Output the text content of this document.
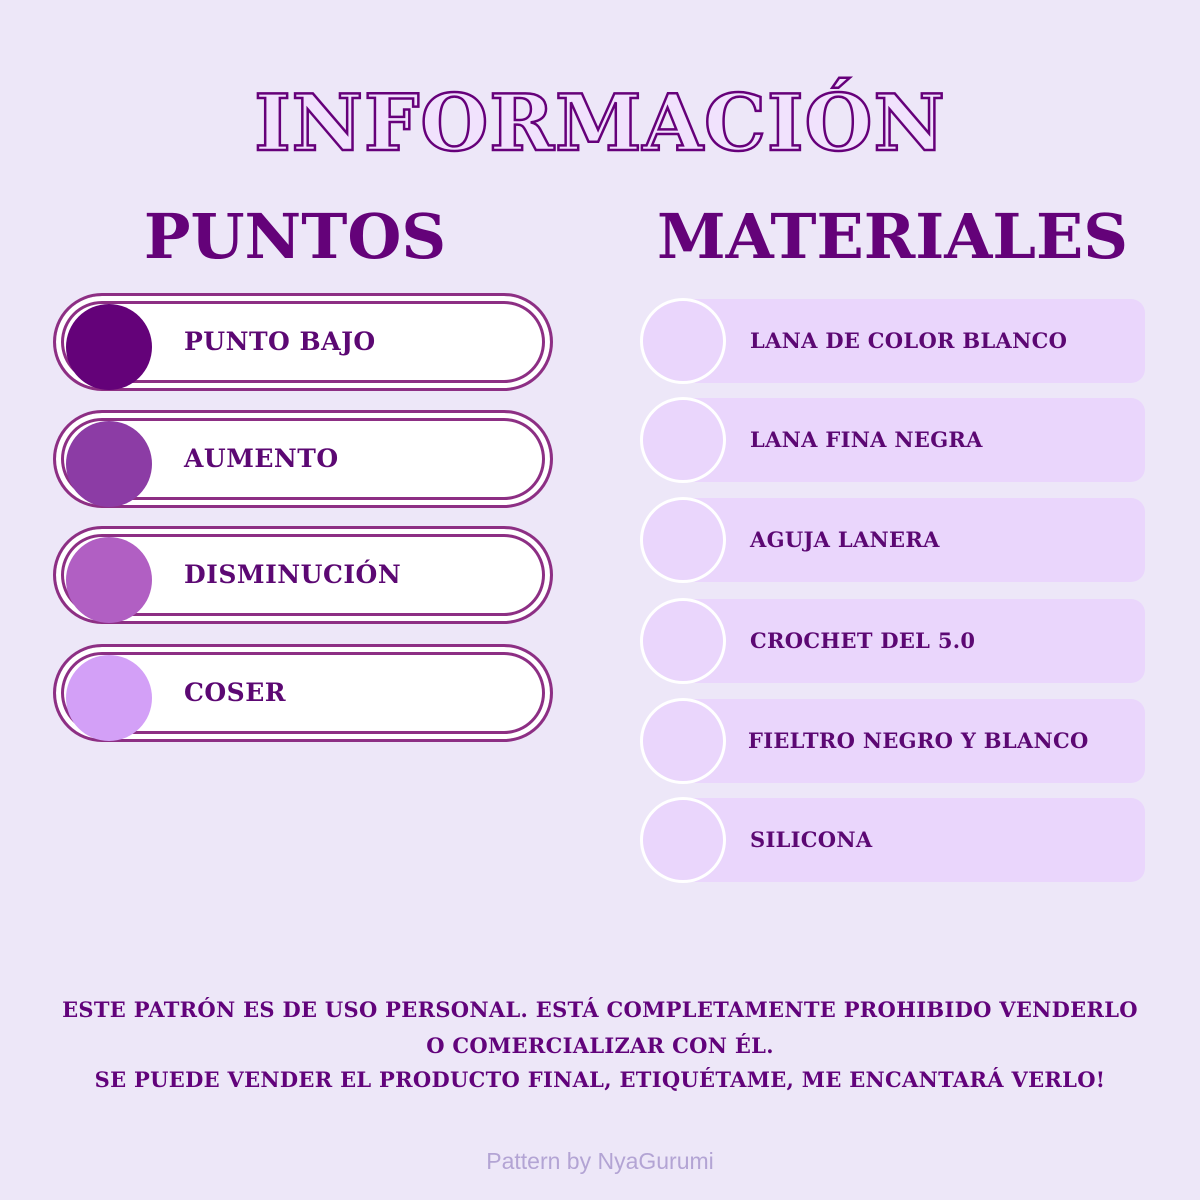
INFORMACIÓN
PUNTOS	MATERIALES
PUNTO BAJO
AUMENTO
DISMINUCIÓN
COSER
LANA DE COLOR BLANCO
LANA FINA NEGRA
AGUJA LANERA
CROCHET DEL 5.0
FIELTRO NEGRO Y BLANCO
SILICONA
ESTE PATRÓN ES DE USO PERSONAL. ESTÁ COMPLETAMENTE PROHIBIDO VENDERLO
O COMERCIALIZAR CON ÉL.
SE PUEDE VENDER EL PRODUCTO FINAL, ETIQUÉTAME, ME ENCANTARÁ VERLO!
Pattern by NyaGurumi
